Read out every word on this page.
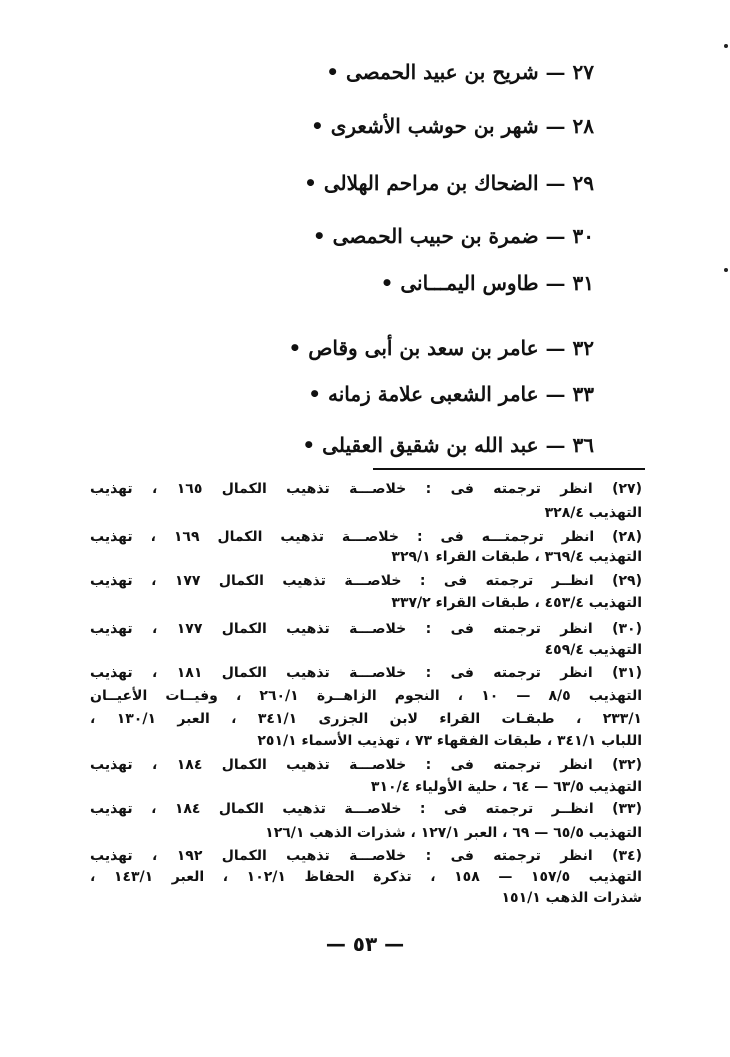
٢٧ — شريح بن عبيد الحمصى •
٢٨ — شهر بن حوشب الأشعرى •
٢٩ — الضحاك بن مراحم الهلالى •
٣٠ — ضمرة بن حبيب الحمصى •
٣١ — طاوس اليمـــانى •
٣٢ — عامر بن سعد بن أبى وقاص •
٣٣ — عامر الشعبى علامة زمانه •
٣٦ — عبد الله بن شقيق العقيلى •
(٢٧) انظر ترجمته فى : خلاصـــة تذهيب الكمال ١٦٥ ، تهذيب
التهذيب ٣٢٨/٤
(٢٨) انظر ترجمتـــه فى : خلاصـــة تذهيب الكمال ١٦٩ ، تهذيب
التهذيب ٣٦٩/٤ ، طبقات القراء ٣٢٩/١
(٢٩) انظــر ترجمته فى : خلاصـــة تذهيب الكمال ١٧٧ ، تهذيب
التهذيب ٤٥٣/٤ ، طبقات القراء ٣٣٧/٢
(٣٠) انظر ترجمته فى : خلاصـــة تذهيب الكمال ١٧٧ ، تهذيب
التهذيب ٤٥٩/٤
(٣١) انظر ترجمته فى : خلاصـــة تذهيب الكمال ١٨١ ، تهذيب
التهذيب ٨/٥ — ١٠ ، النجوم الزاهــرة ٢٦٠/١ ، وفيــات الأعيــان
٢٣٣/١ ، طبقـات القراء لابن الجزرى ٣٤١/١ ، العبر ١٣٠/١ ،
اللباب ٣٤١/١ ، طبقات الفقهاء ٧٣ ، تهذيب الأسماء ٢٥١/١
(٣٢) انظر ترجمته فى : خلاصـــة تذهيب الكمال ١٨٤ ، تهذيب
التهذيب ٦٣/٥ — ٦٤ ، حلية الأولياء ٣١٠/٤
(٣٣) انظــر ترجمته فى : خلاصـــة تذهيب الكمال ١٨٤ ، تهذيب
التهذيب ٦٥/٥ — ٦٩ ، العبر ١٢٧/١ ، شذرات الذهب ١٢٦/١
(٣٤) انظر ترجمته فى : خلاصـــة تذهيب الكمال ١٩٢ ، تهذيب
التهذيب ١٥٧/٥ — ١٥٨ ، تذكرة الحفاظ ١٠٢/١ ، العبر ١٤٣/١ ،
شذرات الذهب ١٥١/١
— ٥٣ —
